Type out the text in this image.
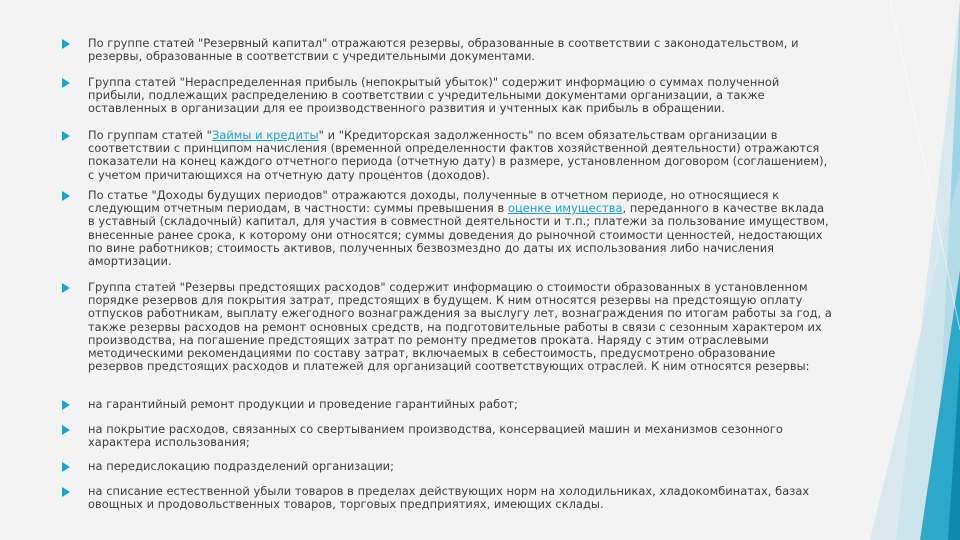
По группе статей "Резервный капитал" отражаются резервы, образованные в соответствии с законодательством, и резервы, образованные в соответствии с учредительными документами.
Группа статей "Нераспределенная прибыль (непокрытый убыток)" содержит информацию о суммах полученной прибыли, подлежащих распределению в соответствии с учредительными документами организации, а также оставленных в организации для ее производственного развития и учтенных как прибыль в обращении.
По группам статей "Займы и кредиты" и "Кредиторская задолженность" по всем обязательствам организации в соответствии с принципом начисления (временной определенности фактов хозяйственной деятельности) отражаются показатели на конец каждого отчетного периода (отчетную дату) в размере, установленном договором (соглашением), с учетом причитающихся на отчетную дату процентов (доходов).
По статье "Доходы будущих периодов" отражаются доходы, полученные в отчетном периоде, но относящиеся к следующим отчетным периодам, в частности: суммы превышения в оценке имущества, переданного в качестве вклада в уставный (складочный) капитал, для участия в совместной деятельности и т.п.; платежи за пользование имуществом, внесенные ранее срока, к которому они относятся; суммы доведения до рыночной стоимости ценностей, недостающих по вине работников; стоимость активов, полученных безвозмездно до даты их использования либо начисления амортизации.
Группа статей "Резервы предстоящих расходов" содержит информацию о стоимости образованных в установленном порядке резервов для покрытия затрат, предстоящих в будущем. К ним относятся резервы на предстоящую оплату отпусков работникам, выплату ежегодного вознаграждения за выслугу лет, вознаграждения по итогам работы за год, а также резервы расходов на ремонт основных средств, на подготовительные работы в связи с сезонным характером их производства, на погашение предстоящих затрат по ремонту предметов проката. Наряду с этим отраслевыми методическими рекомендациями по составу затрат, включаемых в себестоимость, предусмотрено образование резервов предстоящих расходов и платежей для организаций соответствующих отраслей. К ним относятся резервы:
на гарантийный ремонт продукции и проведение гарантийных работ;
на покрытие расходов, связанных со свертыванием производства, консервацией машин и механизмов сезонного характера использования;
на передислокацию подразделений организации;
на списание естественной убыли товаров в пределах действующих норм на холодильниках, хладокомбинатах, базах овощных и продовольственных товаров, торговых предприятиях, имеющих склады.
